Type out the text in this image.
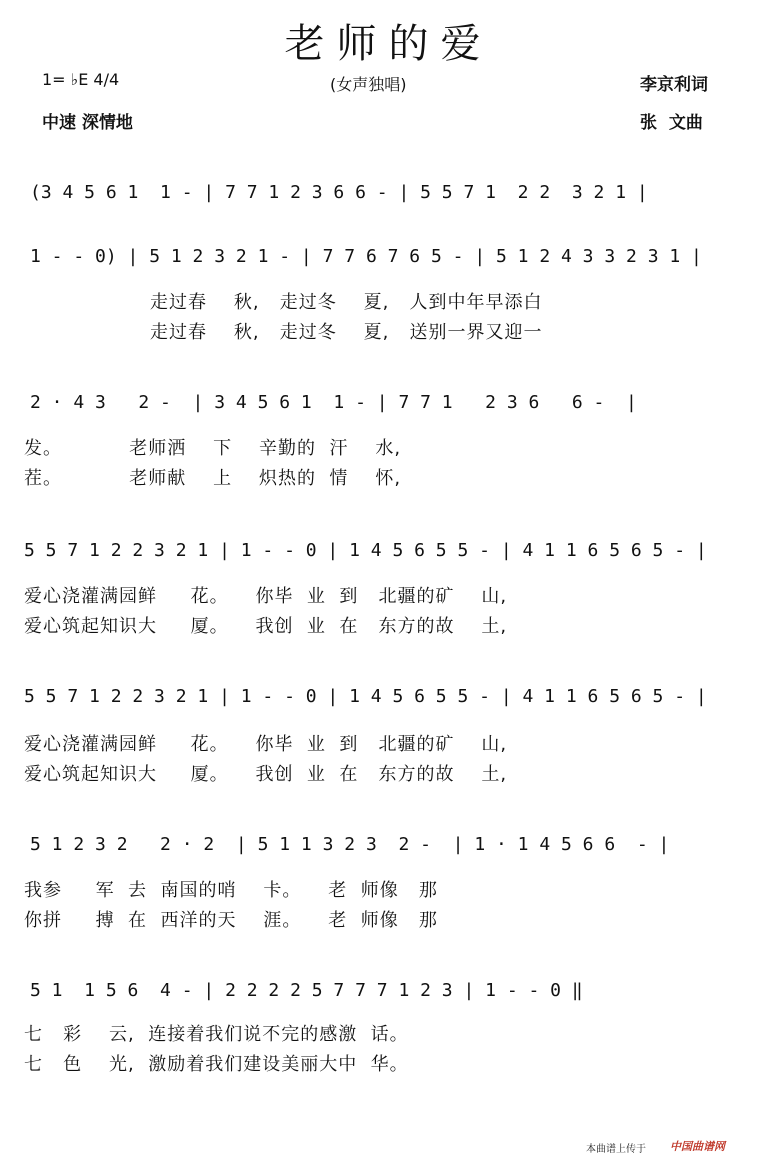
老师的爱
1= ♭E 4/4	(女声独唱)	李京利词
中速 深情地	张  文曲
(3 4 5 6 1  1 - | 7 7 1 2 3 6 6 - | 5 5 7 1  2 2  3 2 1 |
1 - - 0) | 5 1 2 3 2 1 - | 7 7 6 7 6 5 - | 5 1 2 4 3 3 2 3 1 |
走过春    秋,   走过冬    夏,   人到中年早添白
走过春    秋,   走过冬    夏,   送别一界又迎一
2 · 4 3   2 -  | 3 4 5 6 1  1 - | 7 7 1   2 3 6   6 -  |
发。          老师洒    下    辛勤的  汗    水,
茬。          老师献    上    炽热的  情    怀,
5 5 7 1 2 2 3 2 1 | 1 - - 0 | 1 4 5 6 5 5 - | 4 1 1 6 5 6 5 - |
爱心浇灌满园鲜     花。    你毕  业  到   北疆的矿    山,
爱心筑起知识大     厦。    我创  业  在   东方的故    土,
5 5 7 1 2 2 3 2 1 | 1 - - 0 | 1 4 5 6 5 5 - | 4 1 1 6 5 6 5 - |
爱心浇灌满园鲜     花。    你毕  业  到   北疆的矿    山,
爱心筑起知识大     厦。    我创  业  在   东方的故    土,
5 1 2 3 2   2 · 2  | 5 1 1 3 2 3  2 -  | 1 · 1 4 5 6 6  - |
我参     军  去  南国的哨    卡。    老  师像   那
你拼     搏  在  西洋的天    涯。    老  师像   那
5 1  1 5 6  4 - | 2 2 2 2 5 7 7 7 1 2 3 | 1 - - 0 ‖
七   彩    云,  连接着我们说不完的感激  话。
七   色    光,  激励着我们建设美丽大中  华。
本曲谱上传于 中国曲谱网
